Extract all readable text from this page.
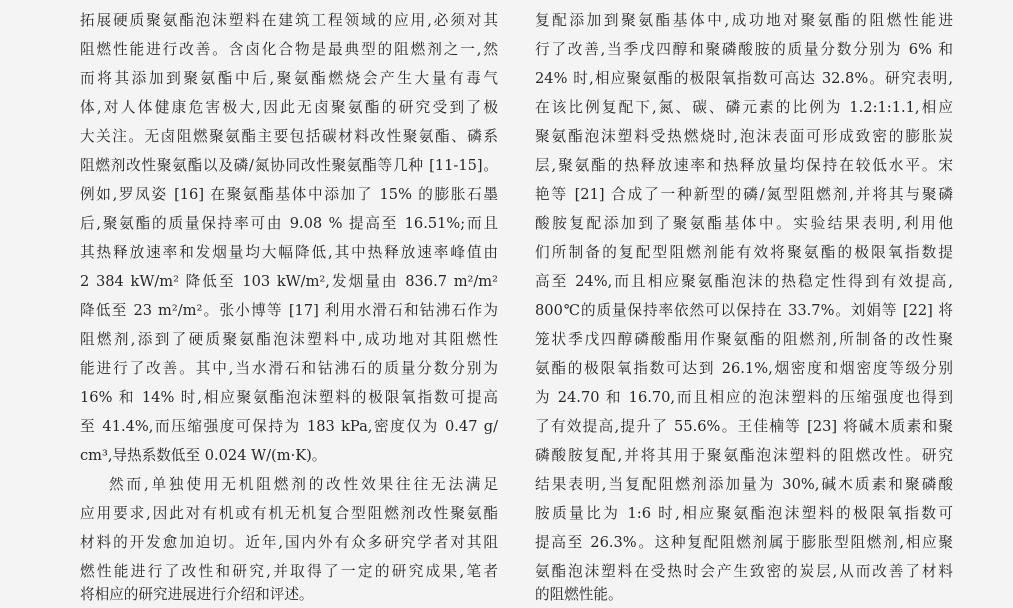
拓展硬质聚氨酯泡沫塑料在建筑工程领域的应用,必须对其
阻燃性能进行改善。含卤化合物是最典型的阻燃剂之一,然
而将其添加到聚氨酯中后,聚氨酯燃烧会产生大量有毒气
体,对人体健康危害极大,因此无卤聚氨酯的研究受到了极
大关注。无卤阻燃聚氨酯主要包括碳材料改性聚氨酯、磷系
阻燃剂改性聚氨酯以及磷/氮协同改性聚氨酯等几种 [11-15]。
例如,罗凤姿 [16] 在聚氨酯基体中添加了 15% 的膨胀石墨
后,聚氨酯的质量保持率可由 9.08 % 提高至 16.51%;而且
其热释放速率和发烟量均大幅降低,其中热释放速率峰值由
2 384 kW/m² 降低至 103 kW/m²,发烟量由 836.7 m²/m²
降低至 23 m²/m²。张小博等 [17] 利用水滑石和钴沸石作为
阻燃剂,添到了硬质聚氨酯泡沫塑料中,成功地对其阻燃性
能进行了改善。其中,当水滑石和钴沸石的质量分数分别为
16% 和 14% 时,相应聚氨酯泡沫塑料的极限氧指数可提高
至 41.4%,而压缩强度可保持为 183 kPa,密度仅为 0.47 g/
cm³,导热系数低至 0.024 W/(m·K)。
然而,单独使用无机阻燃剂的改性效果往往无法满足
应用要求,因此对有机或有机无机复合型阻燃剂改性聚氨酯
材料的开发愈加迫切。近年,国内外有众多研究学者对其阻
燃性能进行了改性和研究,并取得了一定的研究成果,笔者
将相应的研究进展进行介绍和评述。
复配添加到聚氨酯基体中,成功地对聚氨酯的阻燃性能进
行了改善,当季戊四醇和聚磷酸胺的质量分数分别为 6% 和
24% 时,相应聚氨酯的极限氧指数可高达 32.8%。研究表明,
在该比例复配下,氮、碳、磷元素的比例为 1.2:1:1.1,相应
聚氨酯泡沫塑料受热燃烧时,泡沫表面可形成致密的膨胀炭
层,聚氨酯的热释放速率和热释放量均保持在较低水平。宋
艳等 [21] 合成了一种新型的磷/氮型阻燃剂,并将其与聚磷
酸胺复配添加到了聚氨酯基体中。实验结果表明,利用他
们所制备的复配型阻燃剂能有效将聚氨酯的极限氧指数提
高至 24%,而且相应聚氨酯泡沫的热稳定性得到有效提高,
800℃的质量保持率依然可以保持在 33.7%。刘娟等 [22] 将
笼状季戊四醇磷酸酯用作聚氨酯的阻燃剂,所制备的改性聚
氨酯的极限氧指数可达到 26.1%,烟密度和烟密度等级分别
为 24.70 和 16.70,而且相应的泡沫塑料的压缩强度也得到
了有效提高,提升了 55.6%。王佳楠等 [23] 将碱木质素和聚
磷酸胺复配,并将其用于聚氨酯泡沫塑料的阻燃改性。研究
结果表明,当复配阻燃剂添加量为 30%,碱木质素和聚磷酸
胺质量比为 1:6 时,相应聚氨酯泡沫塑料的极限氧指数可
提高至 26.3%。这种复配阻燃剂属于膨胀型阻燃剂,相应聚
氨酯泡沫塑料在受热时会产生致密的炭层,从而改善了材料
的阻燃性能。
